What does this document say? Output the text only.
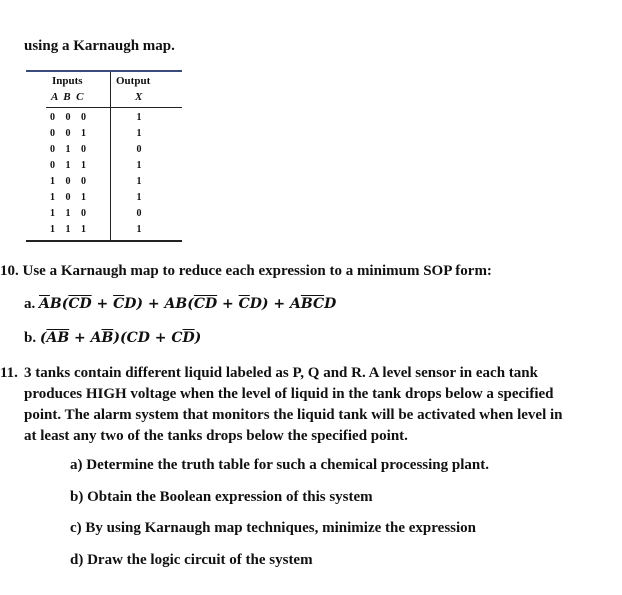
using a Karnaugh map.
Inputs	Output
A  B  C	X
0 0 0	1
0 0 1	1
0 1 0	0
0 1 1	1
1 0 0	1
1 0 1	1
1 1 0	0
1 1 1	1
10. Use a Karnaugh map to reduce each expression to a minimum SOP form:
a. $\overline{A}B(\overline{CD} + \overline{C}D) + AB(\overline{CD} + \overline{C}D) + A\overline{BC}D$
b. $(\overline{AB} + A\overline{B})(CD + C\overline{D})$
11. 3 tanks contain different liquid labeled as P, Q and R. A level sensor in each tank
produces HIGH voltage when the level of liquid in the tank drops below a specified
point. The alarm system that monitors the liquid tank will be activated when level in
at least any two of the tanks drops below the specified point.
a) Determine the truth table for such a chemical processing plant.
b) Obtain the Boolean expression of this system
c) By using Karnaugh map techniques, minimize the expression
d) Draw the logic circuit of the system
